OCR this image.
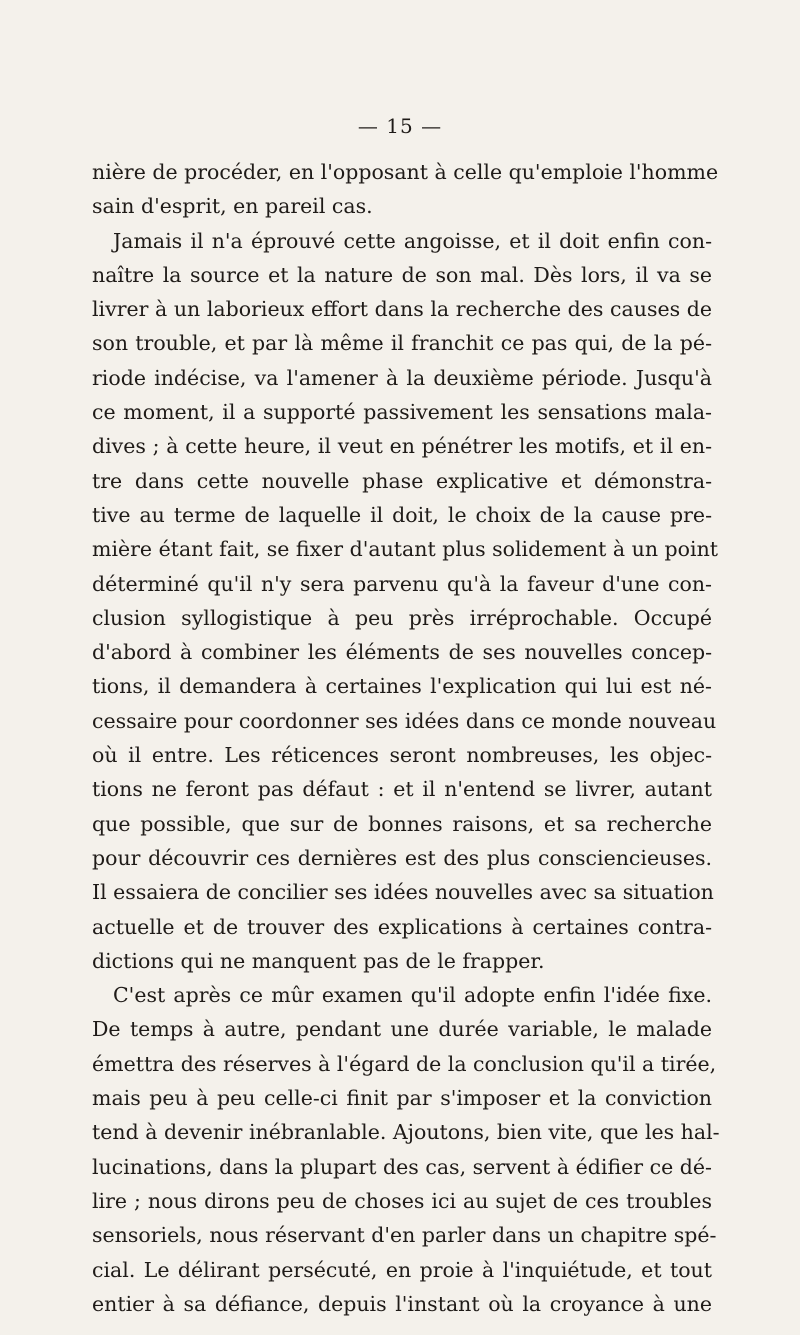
— 15 —
nière de procéder, en l'opposant à celle qu'emploie l'homme
sain d'esprit, en pareil cas.
Jamais il n'a éprouvé cette angoisse, et il doit enfin con-
naître la source et la nature de son mal. Dès lors, il va se
livrer à un laborieux effort dans la recherche des causes de
son trouble, et par là même il franchit ce pas qui, de la pé-
riode indécise, va l'amener à la deuxième période. Jusqu'à
ce moment, il a supporté passivement les sensations mala-
dives ; à cette heure, il veut en pénétrer les motifs, et il en-
tre dans cette nouvelle phase explicative et démonstra-
tive au terme de laquelle il doit, le choix de la cause pre-
mière étant fait, se fixer d'autant plus solidement à un point
déterminé qu'il n'y sera parvenu qu'à la faveur d'une con-
clusion syllogistique à peu près irréprochable. Occupé
d'abord à combiner les éléments de ses nouvelles concep-
tions, il demandera à certaines l'explication qui lui est né-
cessaire pour coordonner ses idées dans ce monde nouveau
où il entre. Les réticences seront nombreuses, les objec-
tions ne feront pas défaut : et il n'entend se livrer, autant
que possible, que sur de bonnes raisons, et sa recherche
pour découvrir ces dernières est des plus consciencieuses.
Il essaiera de concilier ses idées nouvelles avec sa situation
actuelle et de trouver des explications à certaines contra-
dictions qui ne manquent pas de le frapper.
C'est après ce mûr examen qu'il adopte enfin l'idée fixe.
De temps à autre, pendant une durée variable, le malade
émettra des réserves à l'égard de la conclusion qu'il a tirée,
mais peu à peu celle-ci finit par s'imposer et la conviction
tend à devenir inébranlable. Ajoutons, bien vite, que les hal-
lucinations, dans la plupart des cas, servent à édifier ce dé-
lire ; nous dirons peu de choses ici au sujet de ces troubles
sensoriels, nous réservant d'en parler dans un chapitre spé-
cial. Le délirant persécuté, en proie à l'inquiétude, et tout
entier à sa défiance, depuis l'instant où la croyance à une
